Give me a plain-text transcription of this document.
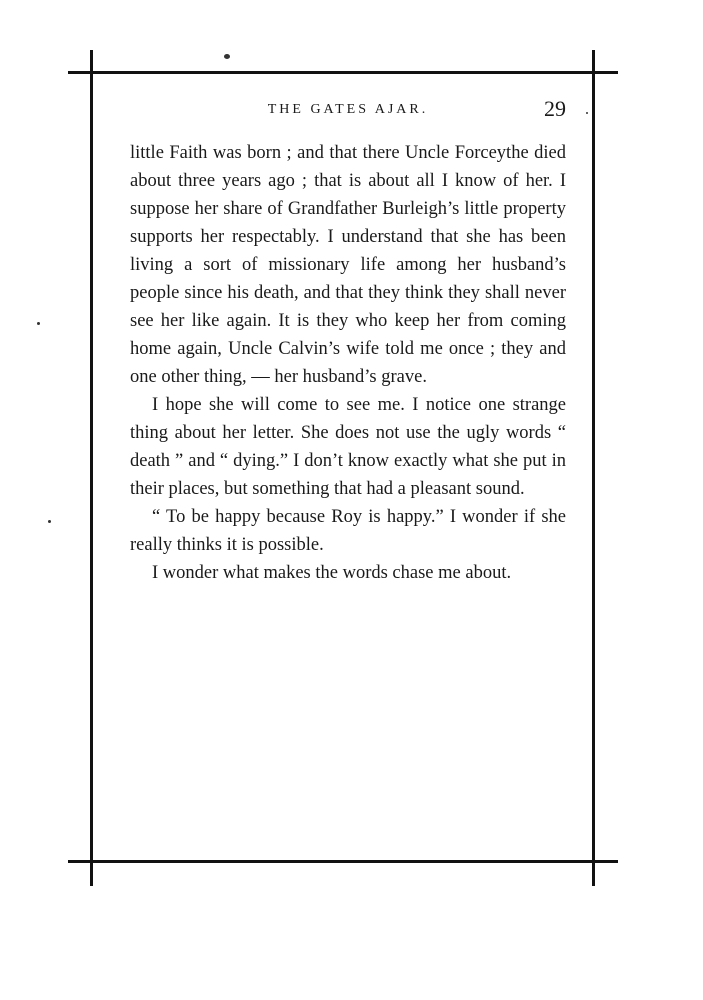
THE GATES AJAR.	29

little Faith was born ; and that there Uncle Forceythe died about three years ago ; that is about all I know of her. I suppose her share of Grandfather Burleigh’s little property supports her respectably. I understand that she has been living a sort of missionary life among her husband’s people since his death, and that they think they shall never see her like again. It is they who keep her from coming home again, Uncle Calvin’s wife told me once ; they and one other thing, — her husband’s grave.

I hope she will come to see me. I notice one strange thing about her letter. She does not use the ugly words “ death ” and “ dying.” I don’t know exactly what she put in their places, but something that had a pleasant sound.

“ To be happy because Roy is happy.” I wonder if she really thinks it is possible.

I wonder what makes the words chase me about.
